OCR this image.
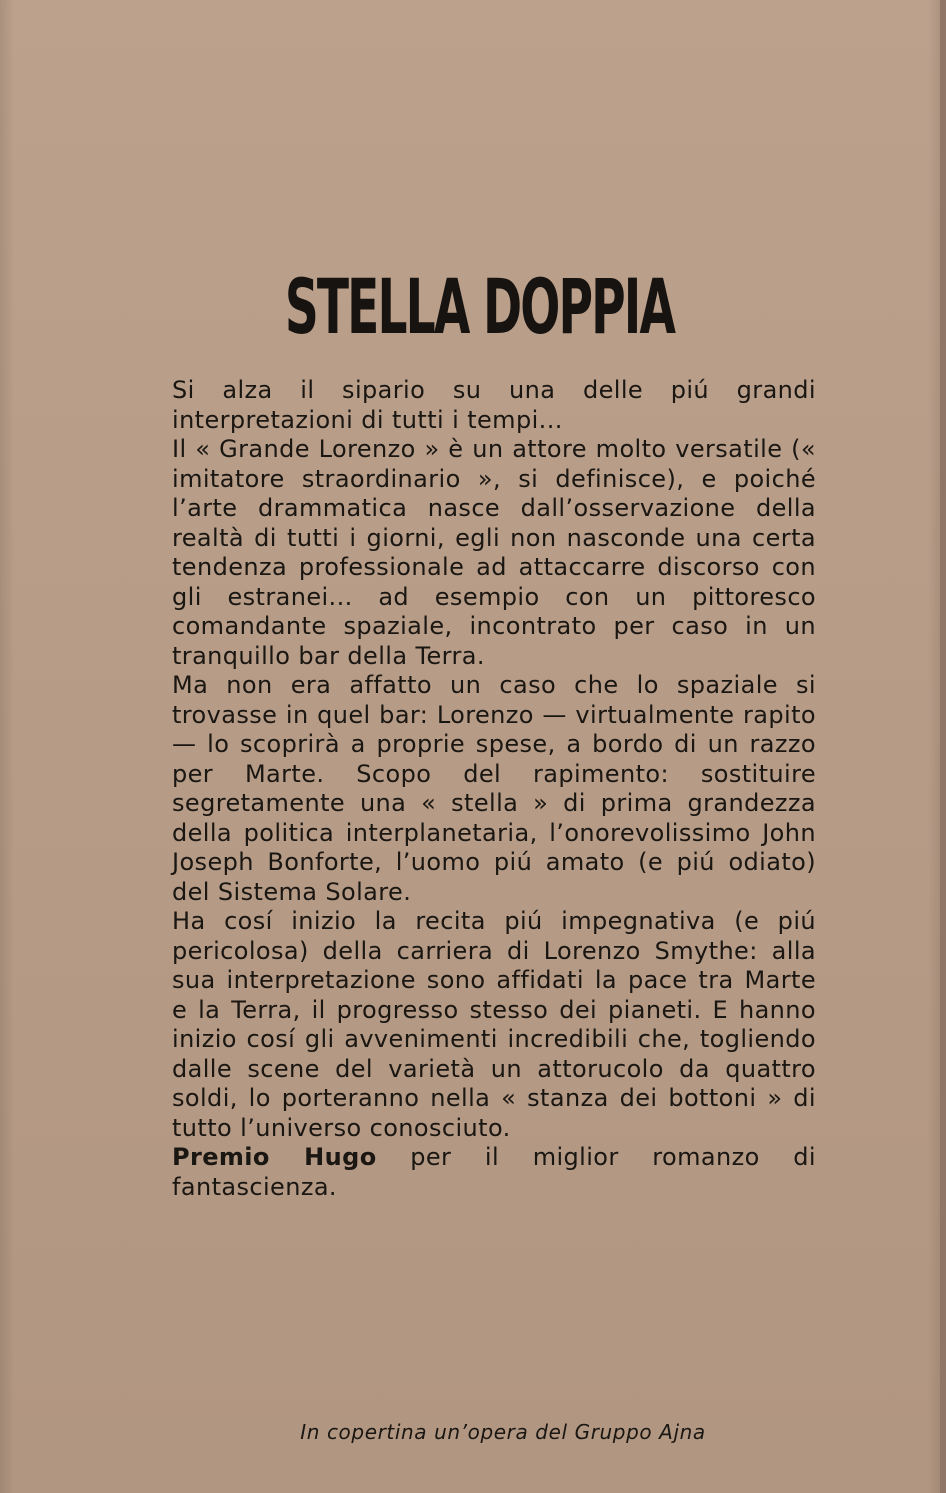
STELLA DOPPIA

Si alza il sipario su una delle piú grandi interpretazioni di tutti i tempi...

Il « Grande Lorenzo » è un attore molto versatile (« imitatore straordinario », si definisce), e poiché l’arte drammatica nasce dall’osservazione della realtà di tutti i giorni, egli non nasconde una certa tendenza professionale ad attaccarre discorso con gli estranei... ad esempio con un pittoresco comandante spaziale, incontrato per caso in un tranquillo bar della Terra.

Ma non era affatto un caso che lo spaziale si trovasse in quel bar: Lorenzo — virtualmente rapito — lo scoprirà a proprie spese, a bordo di un razzo per Marte. Scopo del rapimento: sostituire segretamente una « stella » di prima grandezza della politica interplanetaria, l’onorevolissimo John Joseph Bonforte, l’uomo piú amato (e piú odiato) del Sistema Solare.

Ha cosí inizio la recita piú impegnativa (e piú pericolosa) della carriera di Lorenzo Smythe: alla sua interpretazione sono affidati la pace tra Marte e la Terra, il progresso stesso dei pianeti. E hanno inizio cosí gli avvenimenti incredibili che, togliendo dalle scene del varietà un attorucolo da quattro soldi, lo porteranno nella « stanza dei bottoni » di tutto l’universo conosciuto.

Premio Hugo per il miglior romanzo di fantascienza.

In copertina un’opera del Gruppo Ajna
